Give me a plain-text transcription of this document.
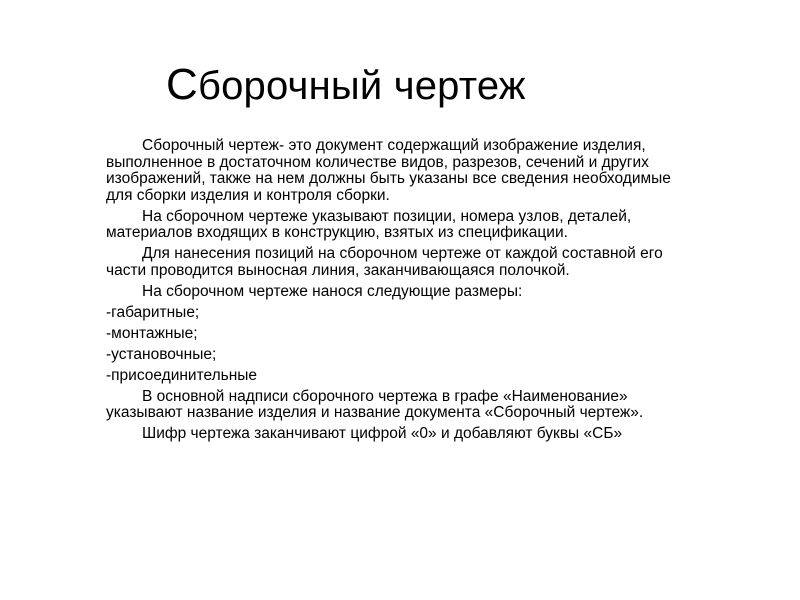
Сборочный чертеж

Сборочный чертеж- это документ содержащий изображение изделия,
выполненное в достаточном количестве видов, разрезов, сечений и других
изображений, также на нем должны быть указаны все сведения необходимые
для сборки изделия и контроля сборки.

На сборочном чертеже указывают позиции, номера узлов, деталей,
материалов входящих в конструкцию, взятых из спецификации.

Для нанесения позиций на сборочном чертеже от каждой составной его
части проводится выносная линия, заканчивающаяся полочкой.

На сборочном чертеже нанося следующие размеры:

-габаритные;

-монтажные;

-установочные;

-присоединительные

В основной надписи сборочного чертежа в графе «Наименование»
указывают название изделия и название документа «Сборочный чертеж».

Шифр чертежа заканчивают цифрой «0» и добавляют буквы «СБ»
